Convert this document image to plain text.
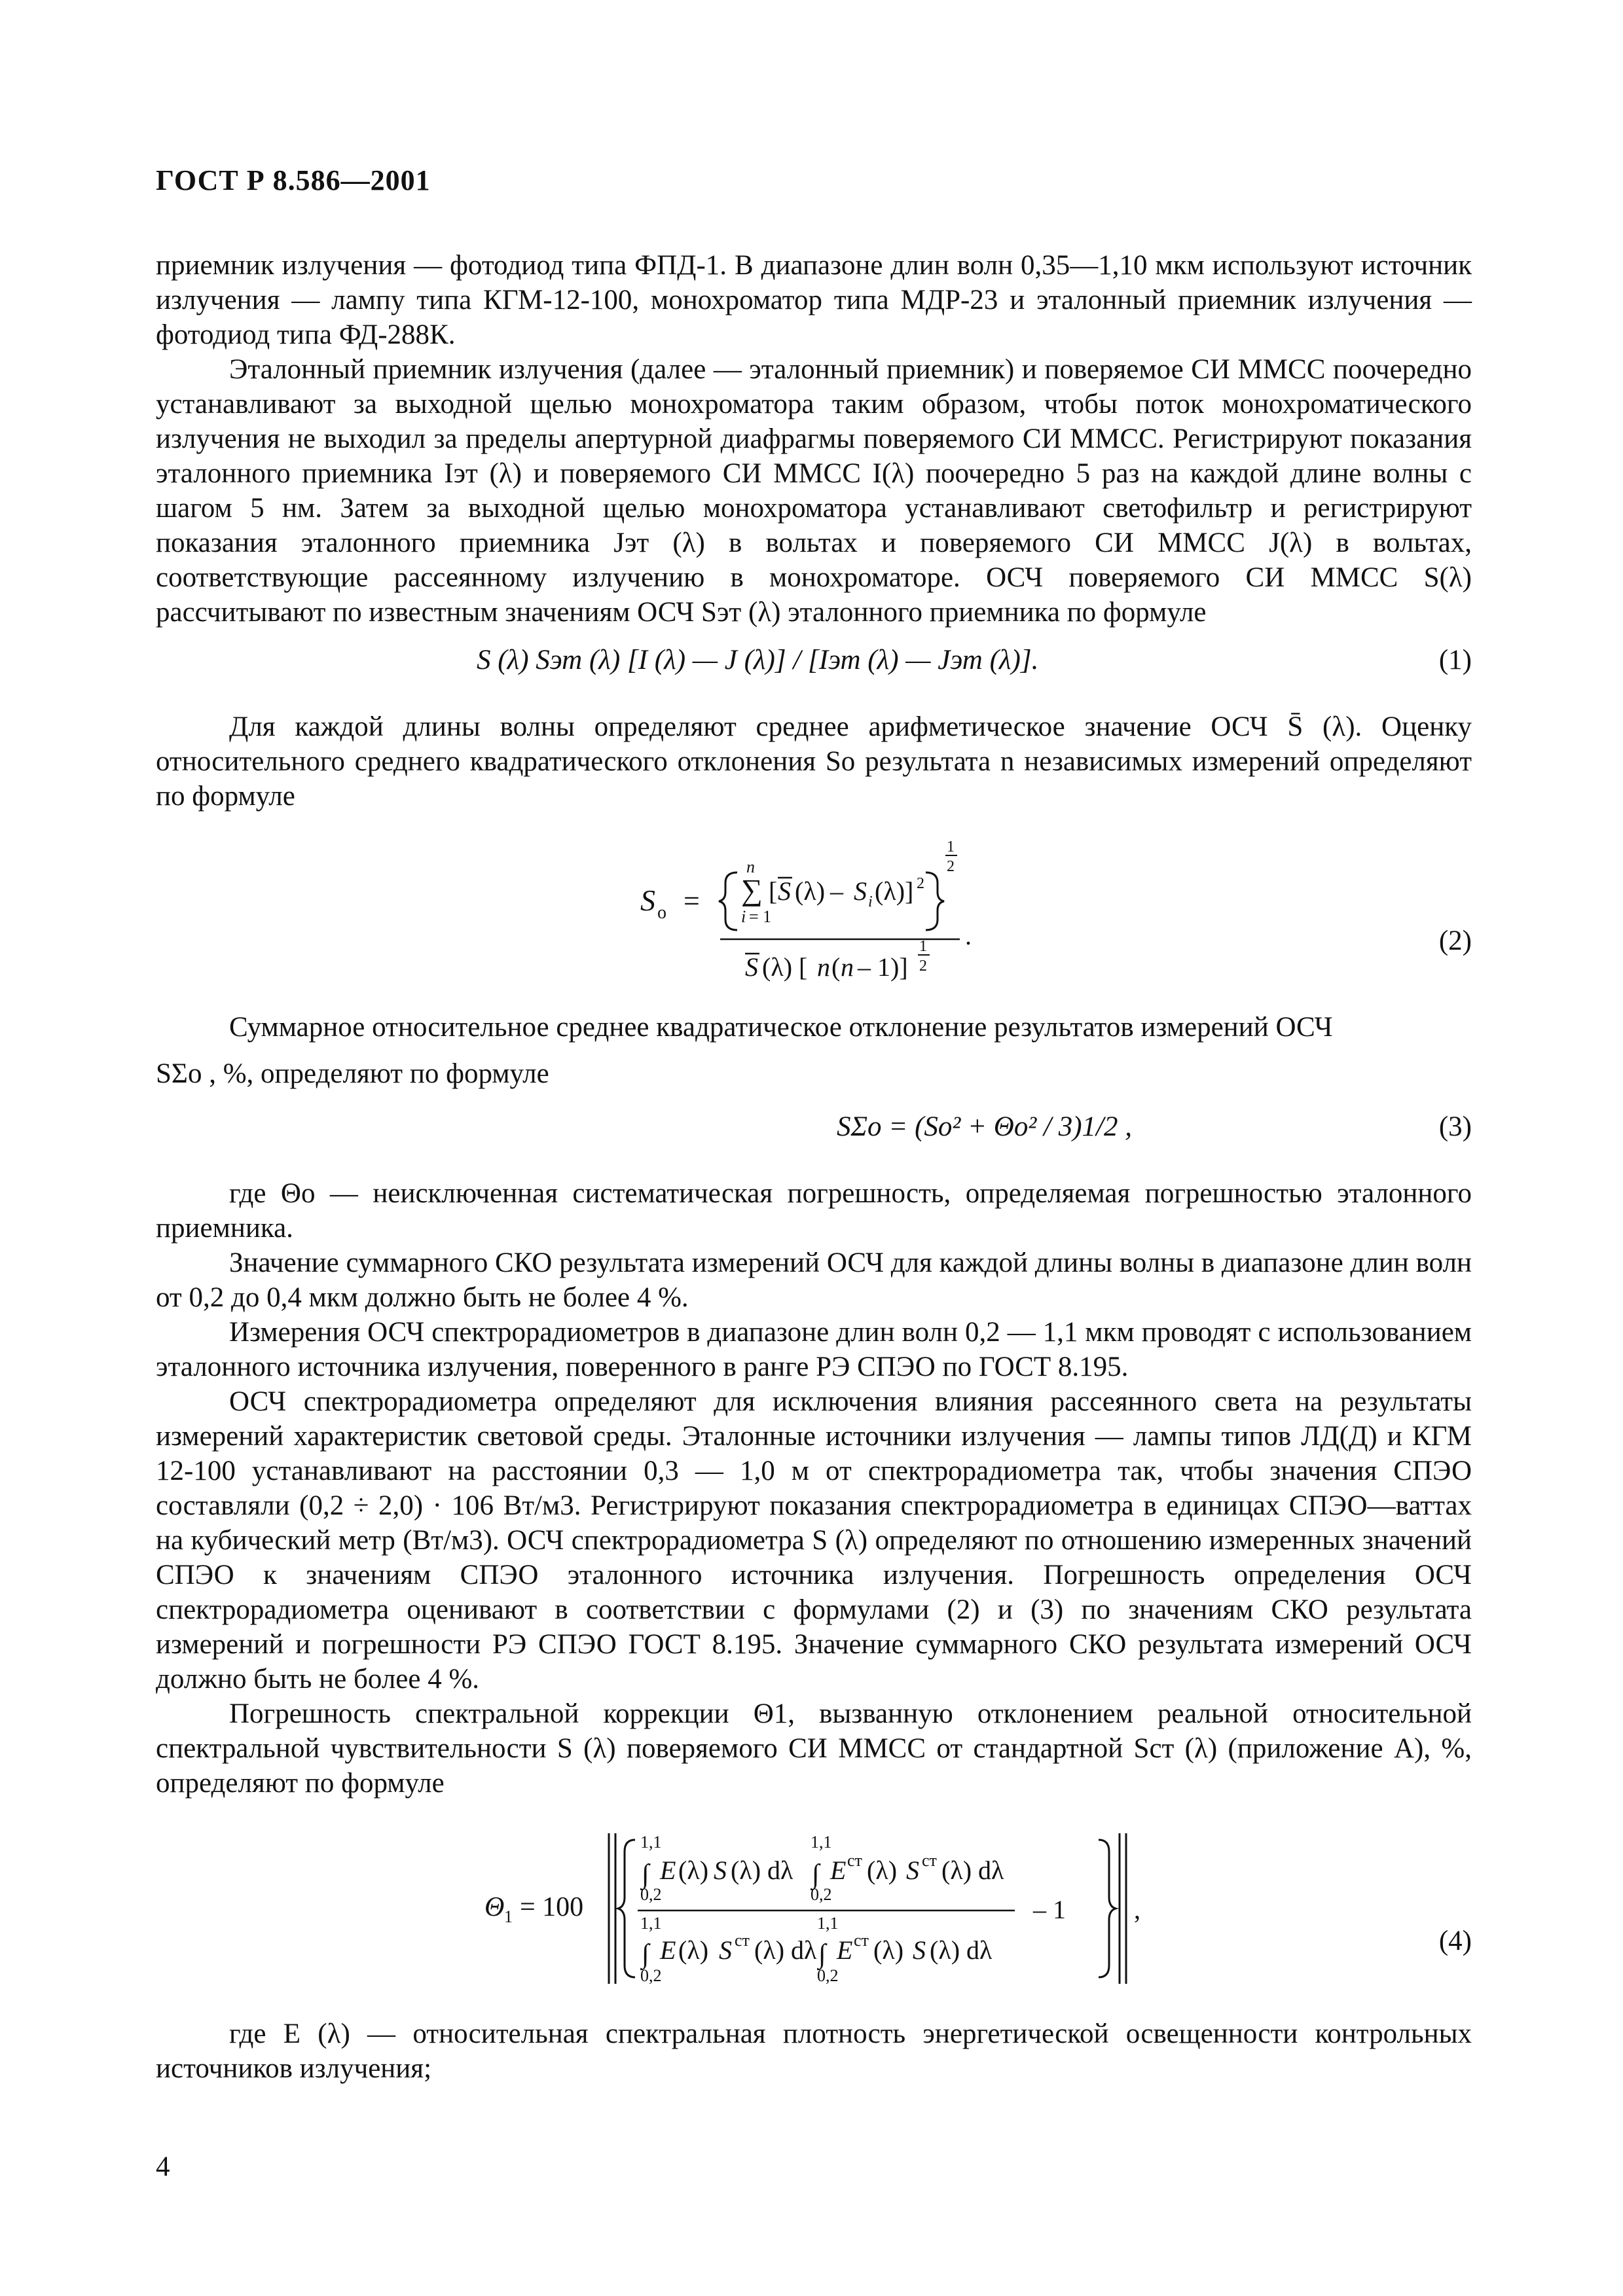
ГОСТ Р 8.586—2001

приемник излучения — фотодиод типа ФПД-1. В диапазоне длин волн 0,35—1,10 мкм используют источник излучения — лампу типа КГМ-12-100, монохроматор типа МДР-23 и эталонный приемник излучения — фотодиод типа ФД-288К.

Эталонный приемник излучения (далее — эталонный приемник) и поверяемое СИ ММСС поочередно устанавливают за выходной щелью монохроматора таким образом, чтобы поток монохроматического излучения не выходил за пределы апертурной диафрагмы поверяемого СИ ММСС. Регистрируют показания эталонного приемника Iэт (λ) и поверяемого СИ ММСС I(λ) поочередно 5 раз на каждой длине волны с шагом 5 нм. Затем за выходной щелью монохроматора устанавливают светофильтр и регистрируют показания эталонного приемника Jэт (λ) в вольтах и поверяемого СИ ММСС J(λ) в вольтах, соответствующие рассеянному излучению в монохроматоре. ОСЧ поверяемого СИ ММСС S(λ) рассчитывают по известным значениям ОСЧ Sэт (λ) эталонного приемника по формуле

S (λ) Sэт (λ) [I (λ) — J (λ)] / [Iэт (λ) — Jэт (λ)].	(1)

Для каждой длины волны определяют среднее арифметическое значение ОСЧ S̄ (λ). Оценку относительного среднего квадратического отклонения Sо результата n независимых измерений определяют по формуле

S o =
n
∑
i = 1
[ S (λ) – S i (λ)] 2
1
2
.
S (λ) [ n ( n – 1)]
1
2
(2)

Суммарное относительное среднее квадратическое отклонение результатов измерений ОСЧ

SΣо , %, определяют по формуле

SΣо = (So² + Θo² / 3)1/2 ,	(3)

где Θo — неисключенная систематическая погрешность, определяемая погрешностью эталонного приемника.

Значение суммарного СКО результата измерений ОСЧ для каждой длины волны в диапазоне длин волн от 0,2 до 0,4 мкм должно быть не более 4 %.

Измерения ОСЧ спектрорадиометров в диапазоне длин волн 0,2 — 1,1 мкм проводят с использованием эталонного источника излучения, поверенного в ранге РЭ СПЭО по ГОСТ 8.195.

ОСЧ спектрорадиометра определяют для исключения влияния рассеянного света на результаты измерений характеристик световой среды. Эталонные источники излучения — лампы типов ЛД(Д) и КГМ 12-100 устанавливают на расстоянии 0,3 — 1,0 м от спектрорадиометра так, чтобы значения СПЭО составляли (0,2 ÷ 2,0) · 106 Вт/м3. Регистрируют показания спектрорадиометра в единицах СПЭО—ваттах на кубический метр (Вт/м3). ОСЧ спектрорадиометра S (λ) определяют по отношению измеренных значений СПЭО к значениям СПЭО эталонного источника излучения. Погрешность определения ОСЧ спектрорадиометра оценивают в соответствии с формулами (2) и (3) по значениям СКО результата измерений и погрешности РЭ СПЭО ГОСТ 8.195. Значение суммарного СКО результата измерений ОСЧ должно быть не более 4 %.

Погрешность спектральной коррекции Θ1, вызванную отклонением реальной относительной спектральной чувствительности S (λ) поверяемого СИ ММСС от стандартной Sст (λ) (приложение А), %, определяют по формуле

Θ 1 = 100
1,1
∫
0,2
E (λ) S (λ) dλ
1,1
∫
0,2
E ст (λ) S ст (λ) dλ
– 1
1,1
∫
0,2
E (λ) S ст (λ) dλ
1,1
∫
0,2
E ст (λ) S (λ) dλ
,
(4)

где E (λ) — относительная спектральная плотность энергетической освещенности контрольных источников излучения;

4
